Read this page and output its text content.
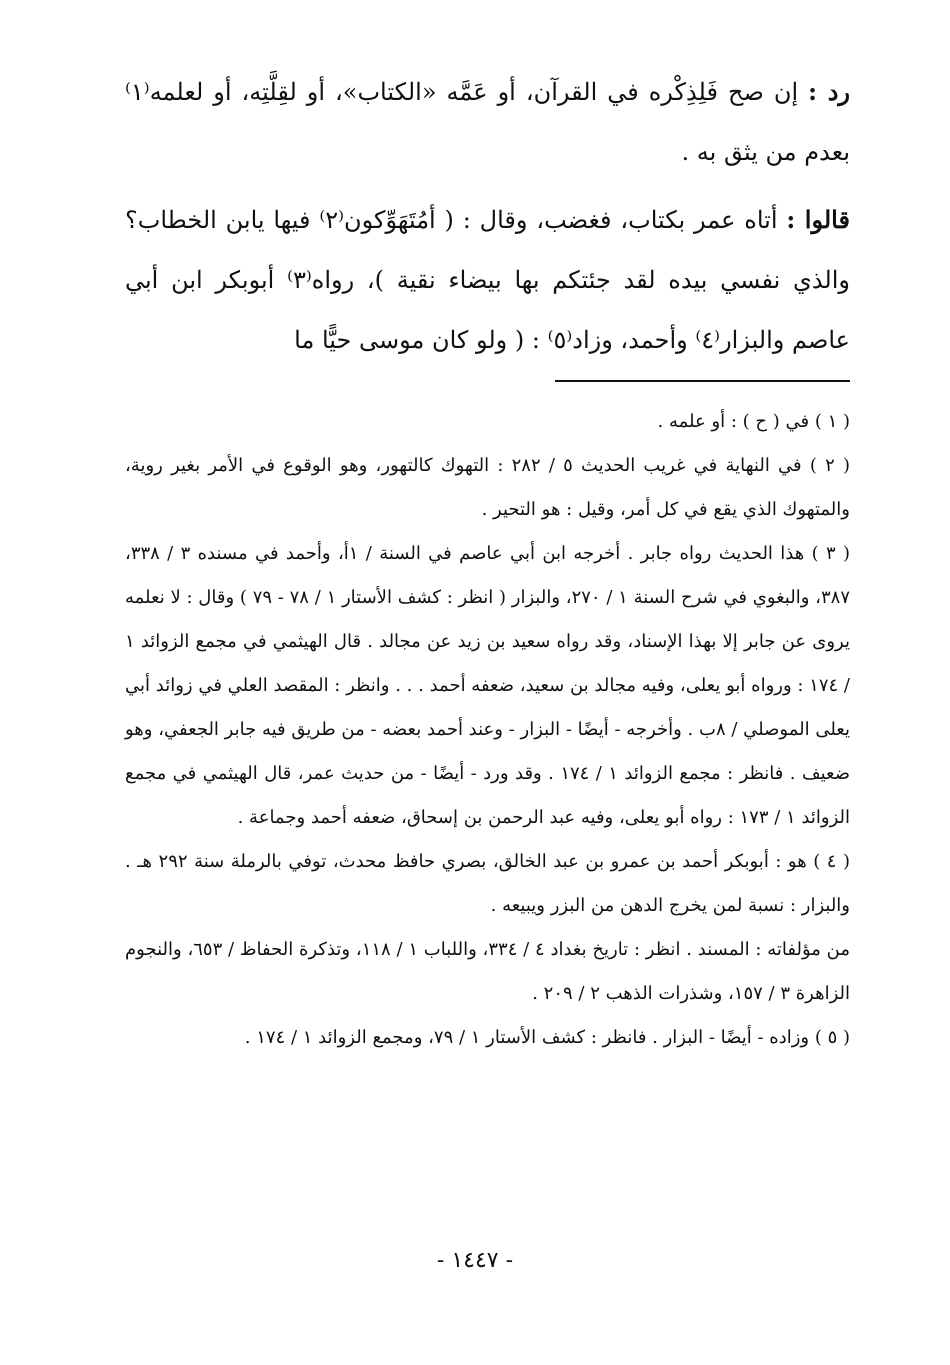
رد : إن صح فَلِذِكْره في القرآن، أو عَمَّه «الكتاب»، أو لقِلَّتِه، أو لعلمه⁽١⁾ بعدم من يثق به .

قالوا : أتاه عمر بكتاب، فغضب، وقال : ( أمُتَهَوِّكون⁽٢⁾ فيها يابن الخطاب؟ والذي نفسي بيده لقد جئتكم بها بيضاء نقية )، رواه⁽٣⁾ أبوبكر ابن أبي عاصم والبزار⁽٤⁾ وأحمد، وزاد⁽٥⁾ : ( ولو كان موسى حيًّا ما

( ١ ) في ( ح ) : أو علمه .

( ٢ ) في النهاية في غريب الحديث ٥ / ٢٨٢ : التهوك كالتهور، وهو الوقوع في الأمر بغير روية، والمتهوك الذي يقع في كل أمر، وقيل : هو التحير .

( ٣ ) هذا الحديث رواه جابر . أخرجه ابن أبي عاصم في السنة / ١أ، وأحمد في مسنده ٣ / ٣٣٨، ٣٨٧، والبغوي في شرح السنة ١ / ٢٧٠، والبزار ( انظر : كشف الأستار ١ / ٧٨ - ٧٩ ) وقال : لا نعلمه يروى عن جابر إلا بهذا الإسناد، وقد رواه سعيد بن زيد عن مجالد . قال الهيثمي في مجمع الزوائد ١ / ١٧٤ : ورواه أبو يعلى، وفيه مجالد بن سعيد، ضعفه أحمد . . . وانظر : المقصد العلي في زوائد أبي يعلى الموصلي / ٨ب . وأخرجه - أيضًا - البزار - وعند أحمد بعضه - من طريق فيه جابر الجعفي، وهو ضعيف . فانظر : مجمع الزوائد ١ / ١٧٤ . وقد ورد - أيضًا - من حديث عمر، قال الهيثمي في مجمع الزوائد ١ / ١٧٣ : رواه أبو يعلى، وفيه عبد الرحمن بن إسحاق، ضعفه أحمد وجماعة .

( ٤ ) هو : أبوبكر أحمد بن عمرو بن عبد الخالق، بصري حافظ محدث، توفي بالرملة سنة ٢٩٢ هـ . والبزار : نسبة لمن يخرج الدهن من البزر ويبيعه .

من مؤلفاته : المسند . انظر : تاريخ بغداد ٤ / ٣٣٤، واللباب ١ / ١١٨، وتذكرة الحفاظ / ٦٥٣، والنجوم الزاهرة ٣ / ١٥٧، وشذرات الذهب ٢ / ٢٠٩ .

( ٥ ) وزاده - أيضًا - البزار . فانظر : كشف الأستار ١ / ٧٩، ومجمع الزوائد ١ / ١٧٤ .

- ١٤٤٧ -
